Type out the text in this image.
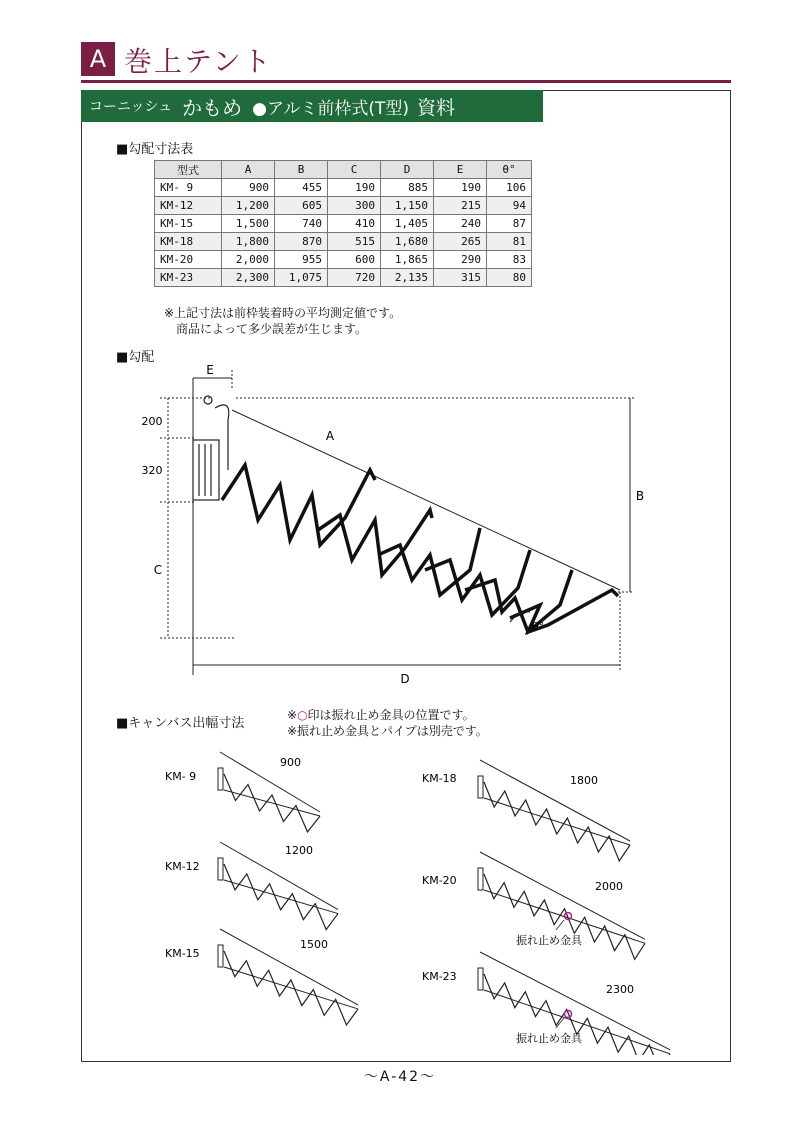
A 巻上テント
コーニッシュ かもめ ●アルミ前枠式(T型) 資料
■勾配寸法表
型式	A	B	C	D	E	θ°
KM- 9	900	455	190	885	190	106
KM-12	1,200	605	300	1,150	215	94
KM-15	1,500	740	410	1,405	240	87
KM-18	1,800	870	515	1,680	265	81
KM-20	2,000	955	600	1,865	290	83
KM-23	2,300	1,075	720	2,135	315	80
※上記寸法は前枠装着時の平均測定値です。
商品によって多少誤差が生じます。
■勾配
E
200
320
C
A
B
D
θ°
■キャンバス出幅寸法
※○印は振れ止め金具の位置です。
※振れ止め金具とパイプは別売です。
KM- 9
900
KM-12
1200
KM-15
1500
KM-18	1800
KM-20	2000
振れ止め金具
KM-23
2300
振れ止め金具
〜A-42〜
